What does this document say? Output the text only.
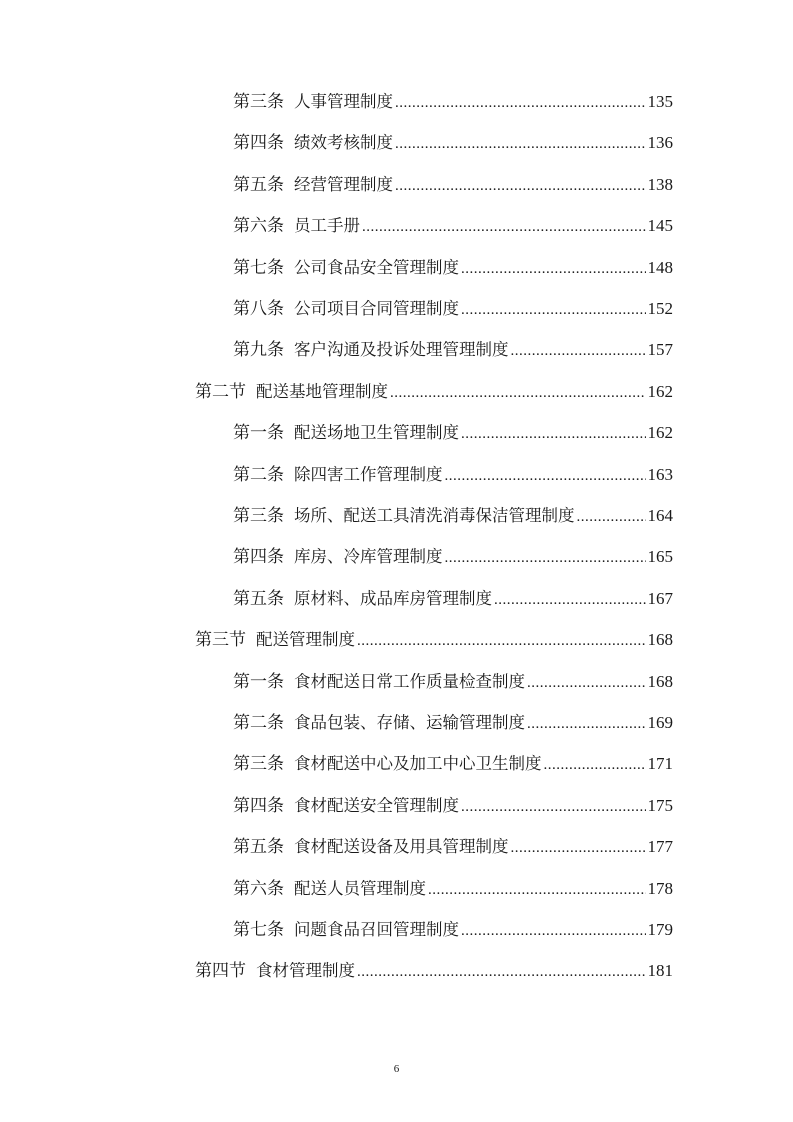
第三条 人事管理制度 .....	135
第四条 绩效考核制度 .....	136
第五条 经营管理制度 .....	138
第六条 员工手册 .....	145
第七条 公司食品安全管理制度 .....	148
第八条 公司项目合同管理制度 .....	152
第九条 客户沟通及投诉处理管理制度 .....	157
第二节 配送基地管理制度 .....	162
第一条 配送场地卫生管理制度 .....	162
第二条 除四害工作管理制度 .....	163
第三条 场所、配送工具清洗消毒保洁管理制度 .....	164
第四条 库房、冷库管理制度 .....	165
第五条 原材料、成品库房管理制度 .....	167
第三节 配送管理制度 .....	168
第一条 食材配送日常工作质量检查制度 .....	168
第二条 食品包装、存储、运输管理制度 .....	169
第三条 食材配送中心及加工中心卫生制度 .....	171
第四条 食材配送安全管理制度 .....	175
第五条 食材配送设备及用具管理制度 .....	177
第六条 配送人员管理制度 .....	178
第七条 问题食品召回管理制度 .....	179
第四节 食材管理制度 .....	181
6
